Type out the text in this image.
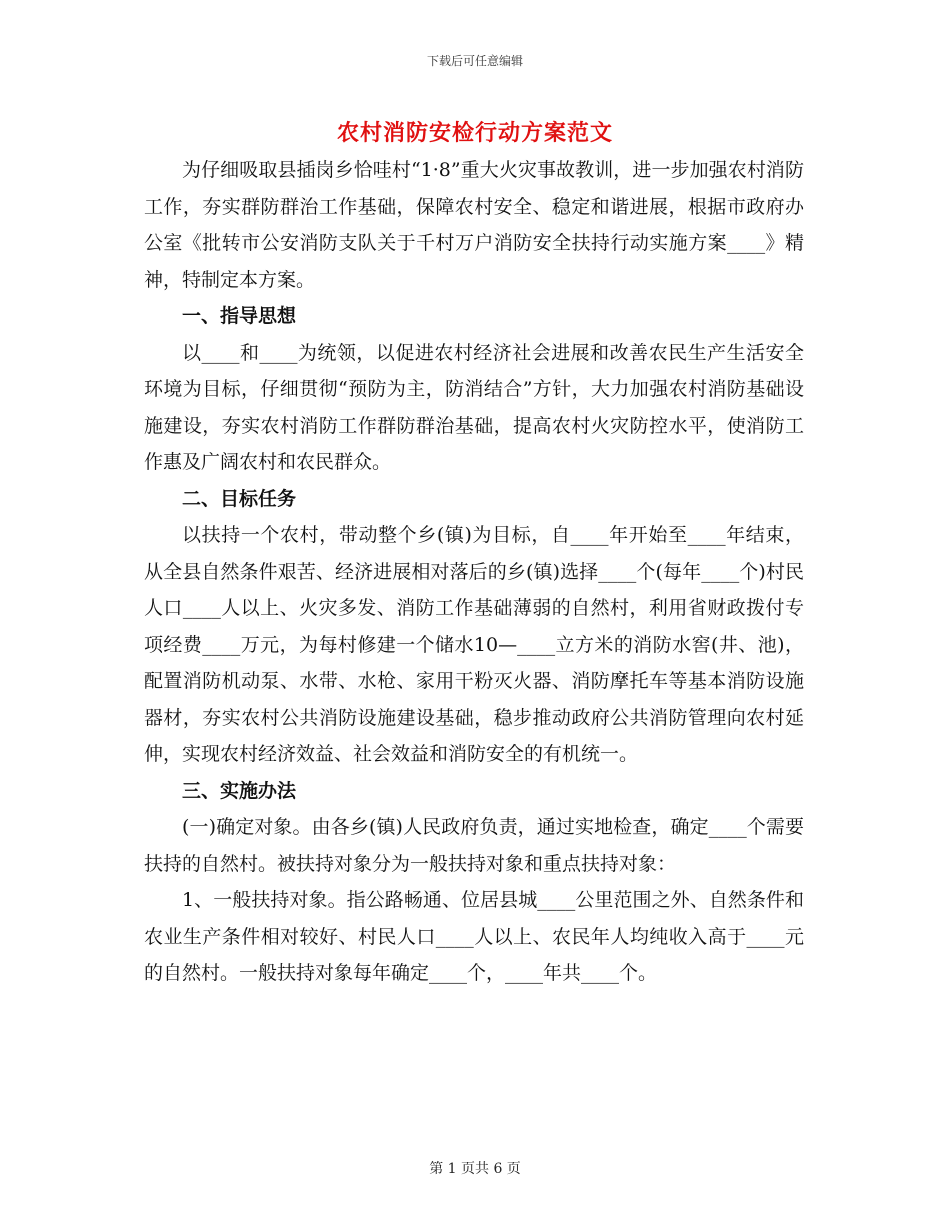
下载后可任意编辑
农村消防安检行动方案范文

为仔细吸取县插岗乡恰哇村“1·8”重大火灾事故教训，进一步加强农村消防工作，夯实群防群治工作基础，保障农村安全、稳定和谐进展，根据市政府办公室《批转市公安消防支队关于千村万户消防安全扶持行动实施方案____》精神，特制定本方案。

一、指导思想

以____和____为统领，以促进农村经济社会进展和改善农民生产生活安全环境为目标，仔细贯彻“预防为主，防消结合”方针，大力加强农村消防基础设施建设，夯实农村消防工作群防群治基础，提高农村火灾防控水平，使消防工作惠及广阔农村和农民群众。

二、目标任务

以扶持一个农村，带动整个乡(镇)为目标，自____年开始至____年结束，从全县自然条件艰苦、经济进展相对落后的乡(镇)选择____个(每年____个)村民人口____人以上、火灾多发、消防工作基础薄弱的自然村，利用省财政拨付专项经费____万元，为每村修建一个储水10—____立方米的消防水窖(井、池)，配置消防机动泵、水带、水枪、家用干粉灭火器、消防摩托车等基本消防设施器材，夯实农村公共消防设施建设基础，稳步推动政府公共消防管理向农村延伸，实现农村经济效益、社会效益和消防安全的有机统一。

三、实施办法

(一)确定对象。由各乡(镇)人民政府负责，通过实地检查，确定____个需要扶持的自然村。被扶持对象分为一般扶持对象和重点扶持对象：

1、一般扶持对象。指公路畅通、位居县城____公里范围之外、自然条件和农业生产条件相对较好、村民人口____人以上、农民年人均纯收入高于____元的自然村。一般扶持对象每年确定____个，____年共____个。

第 1 页共 6 页
